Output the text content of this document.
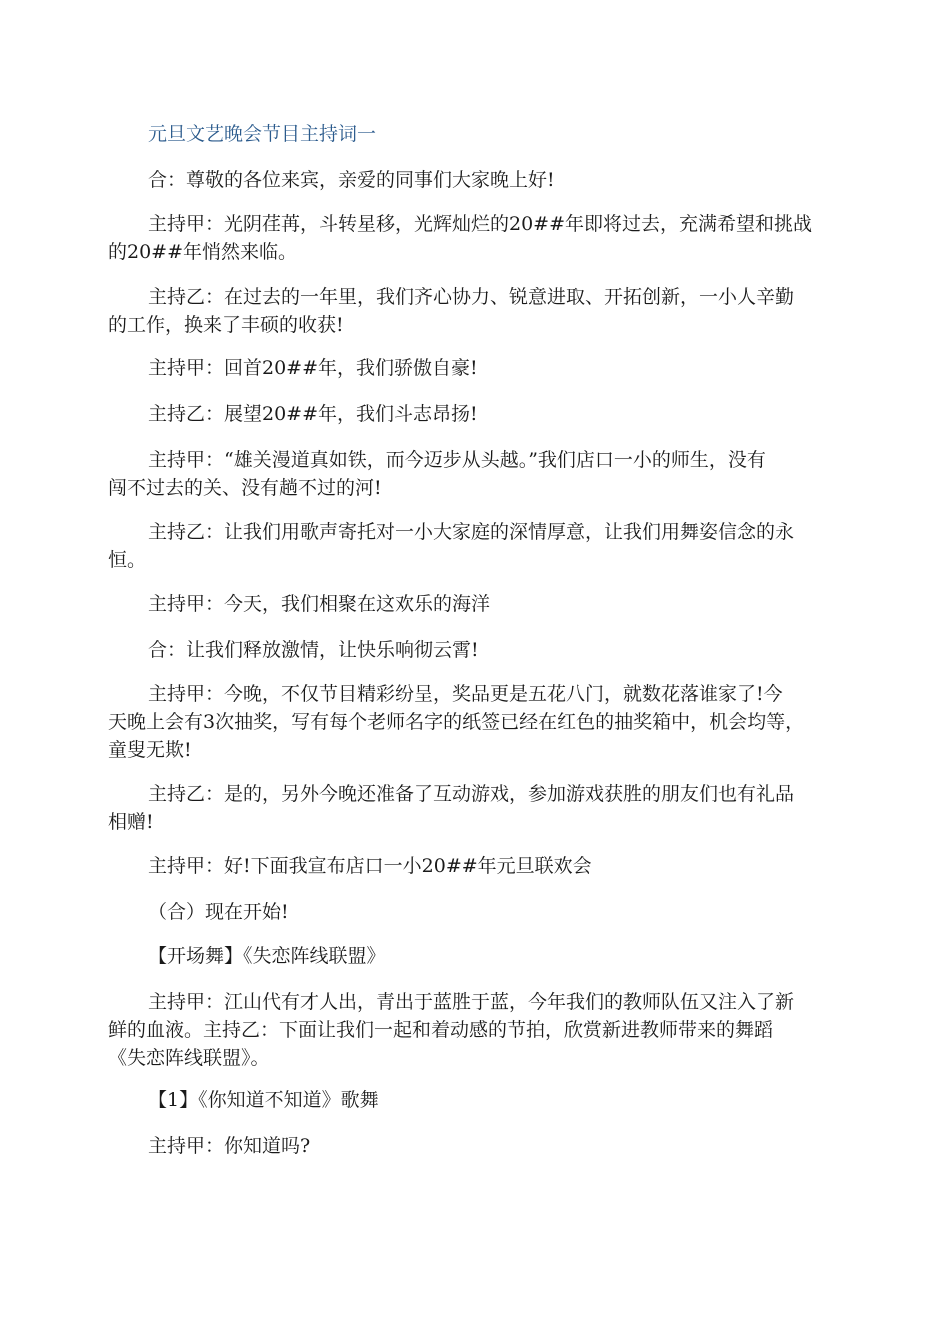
元旦文艺晚会节目主持词一

合：尊敬的各位来宾，亲爱的同事们大家晚上好!

主持甲：光阴荏苒，斗转星移，光辉灿烂的20##年即将过去，充满希望和挑战
的20##年悄然来临。

主持乙：在过去的一年里，我们齐心协力、锐意进取、开拓创新，一小人辛勤
的工作，换来了丰硕的收获!

主持甲：回首20##年，我们骄傲自豪!

主持乙：展望20##年，我们斗志昂扬!

主持甲：“雄关漫道真如铁，而今迈步从头越。”我们店口一小的师生，没有
闯不过去的关、没有趟不过的河!

主持乙：让我们用歌声寄托对一小大家庭的深情厚意，让我们用舞姿信念的永
恒。

主持甲：今天，我们相聚在这欢乐的海洋

合：让我们释放激情，让快乐响彻云霄!

主持甲：今晚，不仅节目精彩纷呈，奖品更是五花八门，就数花落谁家了!今
天晚上会有3次抽奖，写有每个老师名字的纸签已经在红色的抽奖箱中，机会均等，
童叟无欺!

主持乙：是的，另外今晚还准备了互动游戏，参加游戏获胜的朋友们也有礼品
相赠!

主持甲：好!下面我宣布店口一小20##年元旦联欢会

（合）现在开始!

【开场舞】《失恋阵线联盟》

主持甲：江山代有才人出，青出于蓝胜于蓝，今年我们的教师队伍又注入了新
鲜的血液。主持乙：下面让我们一起和着动感的节拍，欣赏新进教师带来的舞蹈
《失恋阵线联盟》。

【1】《你知道不知道》歌舞

主持甲：你知道吗?
